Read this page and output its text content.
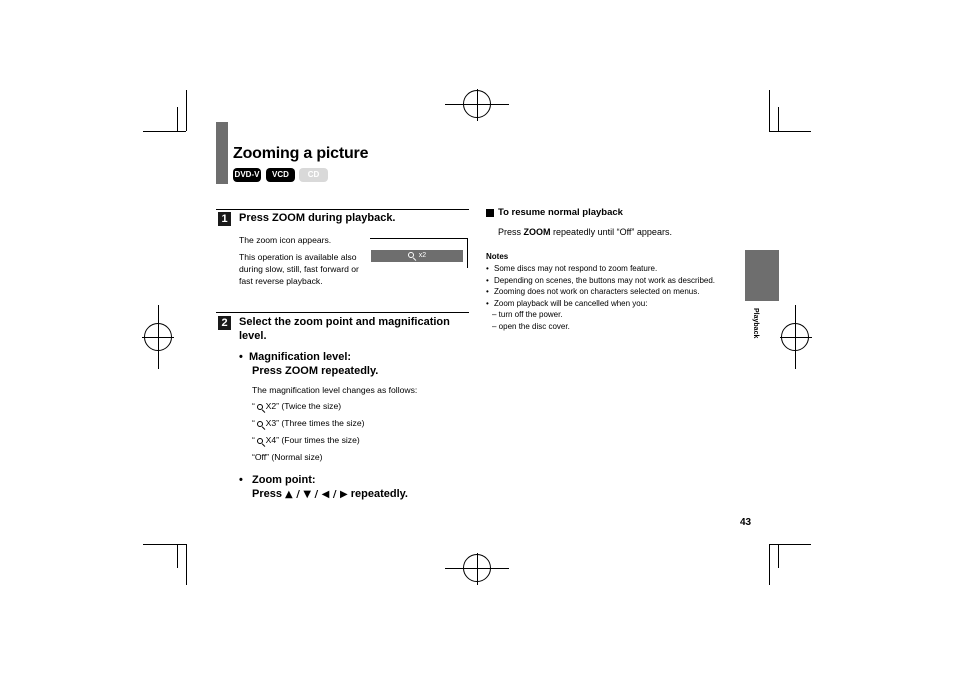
Zooming a picture
DVD-V	VCD	CD
1	Press ZOOM during playback.
The zoom icon appears.
This operation is available also during slow, still, fast forward or fast reverse playback.
x2
2	Select the zoom point and magnification level.
• Magnification level:
Press ZOOM repeatedly.
The magnification level changes as follows:
“  X2” (Twice the size)
“  X3” (Three times the size)
“  X4” (Four times the size)
“Off” (Normal size)
• Zoom point:
Press ▲ / ▼ / ◀ / ▶ repeatedly.
To resume normal playback
Press ZOOM repeatedly until “Off” appears.
Notes
• Some discs may not respond to zoom feature.
• Depending on scenes, the buttons may not work as described.
• Zooming does not work on characters selected on menus.
• Zoom playback will be cancelled when you:
– turn off the power.
– open the disc cover.	Playback
43
